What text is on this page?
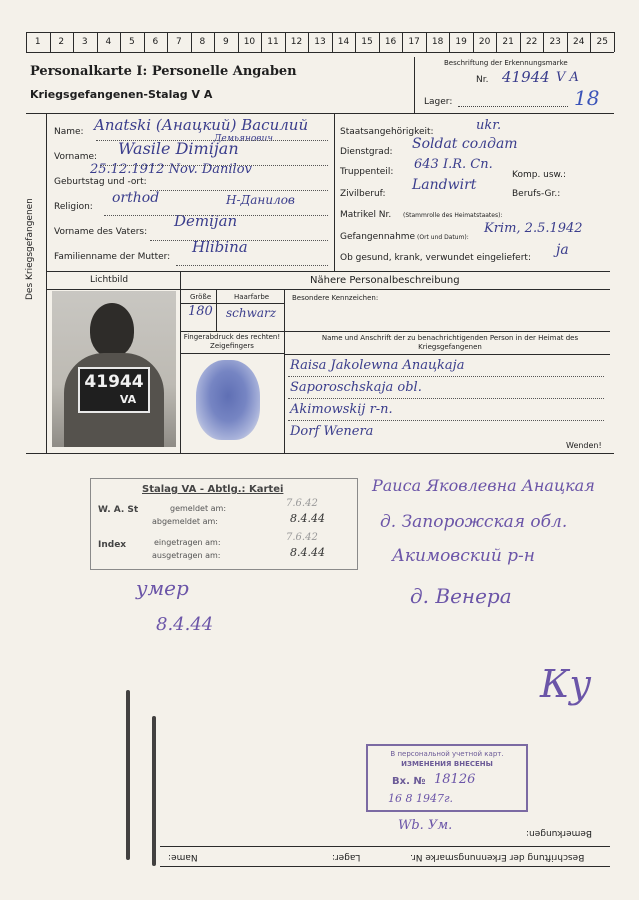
1	2	3	4	5	6	7	8	9	10	11	12	13	14	15	16	17	18	19	20	21	22	23	24	25
Personalkarte I: Personelle Angaben
Kriegsgefangenen-Stalag V A
Beschriftung der Erkennungsmarke
Nr. 41944 V A
18
Lager:
Des Kriegsgefangenen
Name: Anatski (Анацкий) Василий
Демьянович
Vorname: Wasile Dimijan
Geburtstag und -ort:
25.12.1912 Nov. Danilov
Religion:
orthod	Н-Данилов
Vorname des Vaters:
Demijan
Familienname der Mutter:
Hlibina
Staatsangehörigkeit:	ukr.
Dienstgrad: Soldat солдат
Truppenteil: 643 I.R. Сп.
Komp. usw.:
Zivilberuf:
Landwirt
Berufs-Gr.:
Matrikel Nr. (Stammrolle des Heimatstaates):
Gefangennahme (Ort und Datum):
Krim, 2.5.1942
Ob gesund, krank, verwundet eingeliefert: ja
Lichtbild	Nähere Personalbeschreibung
41944
VA
Größe	Haarfarbe
180 schwarz
Besondere Kennzeichen:
Fingerabdruck des rechten! Zeigefingers
Name und Anschrift der zu benachrichtigenden Person in der Heimat des Kriegsgefangenen
Raisa Jakolewna Anaцkaja
Saporoschskaja obl.
Akimowskij r-n.
Dorf Wenera
Wenden!
Stalag VA - Abtlg.: Kartei
W. A. St	gemeldet am:	7.6.42
abgemeldet am:	8.4.44
Index	eingetragen am:	7.6.42
ausgetragen am:	8.4.44
Раиса Яковлевна Анацкая
д. Запорожская обл.
Акимовский р-н
д. Венера
умер
8.4.44
Ку
В персональной учетной карт.
ИЗМЕНЕНИЯ ВНЕСЕНЫ
Вх. № 18126
16 8 1947г.
Wb. Ум.	Bemerkungen:
Beschriftung der Erkennungsmarke Nr.
Lager:
Name:
